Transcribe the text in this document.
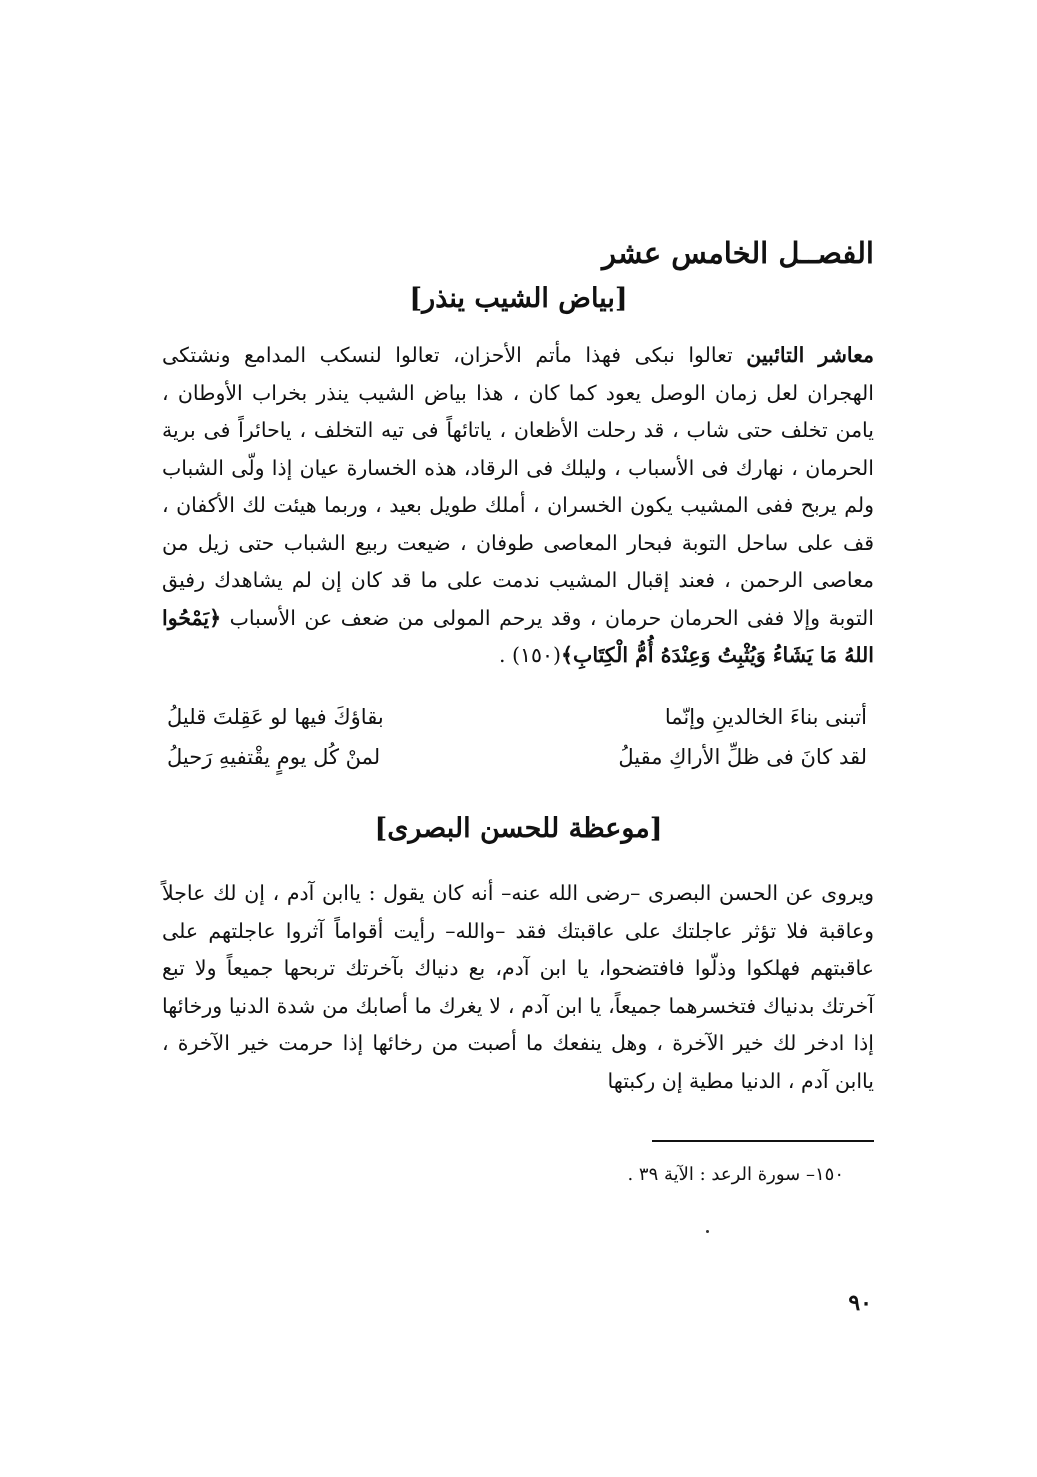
الفصــل الخامس عشر
[بياض الشيب ينذر]
معاشر التائبين تعالوا نبكى فهذا مأتم الأحزان، تعالوا لنسكب المدامع ونشتكى الهجران لعل زمان الوصل يعود كما كان ، هذا بياض الشيب ينذر بخراب الأوطان ، يامن تخلف حتى شاب ، قد رحلت الأظعان ، ياتائهاً فى تيه التخلف ، ياحائراً فى برية الحرمان ، نهارك فى الأسباب ، وليلك فى الرقاد، هذه الخسارة عيان إذا ولّى الشباب ولم يربح ففى المشيب يكون الخسران ، أملك طويل بعيد ، وربما هيئت لك الأكفان ، قف على ساحل التوبة فبحار المعاصى طوفان ، ضيعت ربيع الشباب حتى زيل من معاصى الرحمن ، فعند إقبال المشيب ندمت على ما قد كان إن لم يشاهدك رفيق التوبة وإلا ففى الحرمان حرمان ، وقد يرحم المولى من ضعف عن الأسباب ﴿يَمْحُوا اللهُ مَا يَشَاءُ وَيُثْبِتُ وَعِنْدَهُ أُمُّ الْكِتَابِ﴾(١٥٠) .
أتبنى بناءَ الخالدينِ وإنّما
بقاؤكَ فيها لو عَقِلتَ قليلُ
لقد كانَ فى ظلِّ الأراكِ مقيلُ
لمنْ كُل يومٍ يقْتفيهِ رَحيلُ
[موعظة للحسن البصرى]
ويروى عن الحسن البصرى –رضى الله عنه– أنه كان يقول : ياابن آدم ، إن لك عاجلاً وعاقبة فلا تؤثر عاجلتك على عاقبتك فقد –والله– رأيت أقواماً آثروا عاجلتهم على عاقبتهم فهلكوا وذلّوا فافتضحوا، يا ابن آدم، بع دنياك بآخرتك تربحها جميعاً ولا تبع آخرتك بدنياك فتخسرهما جميعاً، يا ابن آدم ، لا يغرك ما أصابك من شدة الدنيا ورخائها إذا ادخر لك خير الآخرة ، وهل ينفعك ما أصبت من رخائها إذا حرمت خير الآخرة ، ياابن آدم ، الدنيا مطية إن ركبتها
١٥٠– سورة الرعد : الآية ٣٩ .
٩٠
